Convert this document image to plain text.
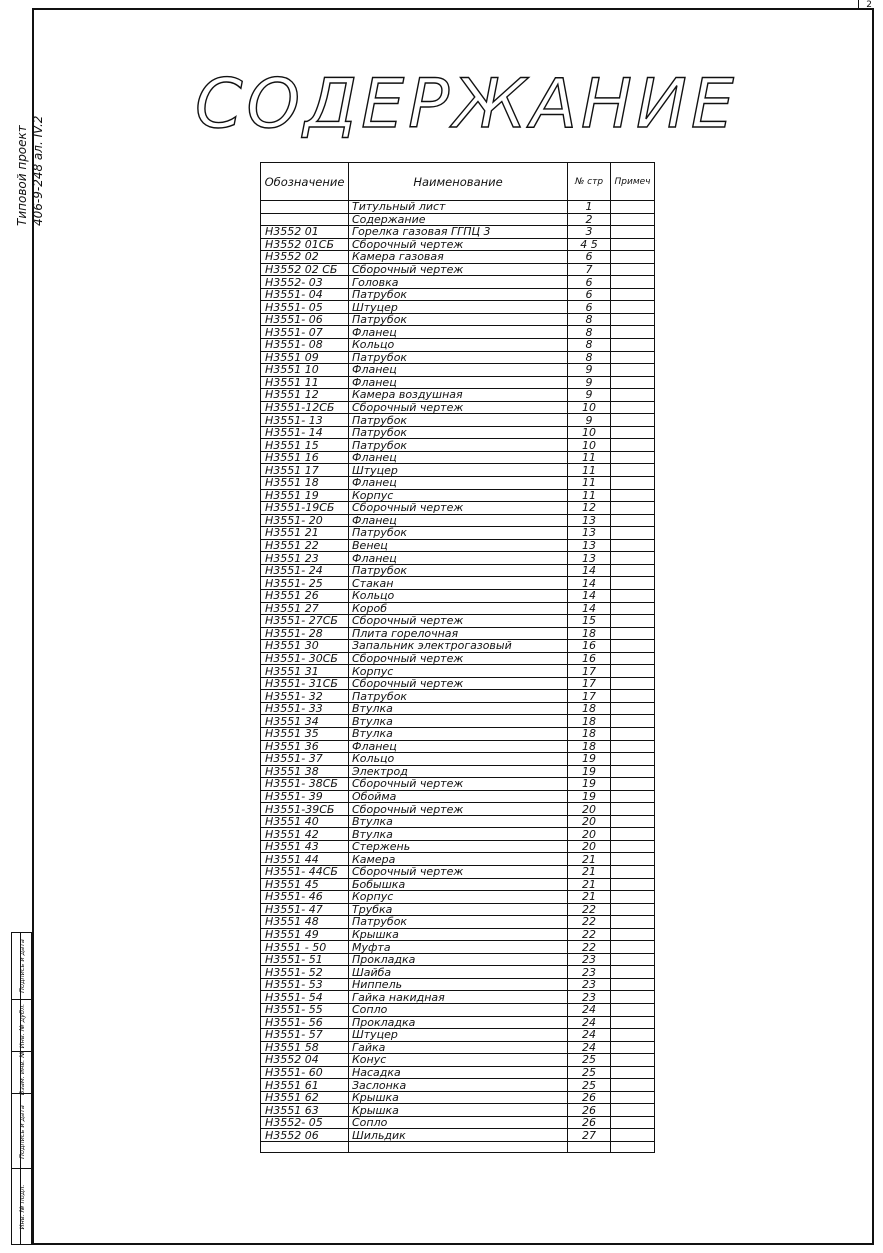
2
Типовой проект 406-9-248 ал. IV.2
Инв. № подл.
Подпись и дата
Взам. инв. №
Инв. № дубл.
Подпись и дата
СОДЕРЖАНИЕ
Обозначение	Наименование	№ стр	Примеч
	Титульный лист	1	
	Содержание	2	
Н3552 01	Горелка газовая ГГПЦ 3	3	
Н3552 01СБ	Сборочный чертеж	4 5	
Н3552 02	Камера газовая	6	
Н3552 02 СБ	Сборочный чертеж	7	
Н3552- 03	Головка	6	
Н3551- 04	Патрубок	6	
Н3551- 05	Штуцер	6	
Н3551- 06	Патрубок	8	
Н3551- 07	Фланец	8	
Н3551- 08	Кольцо	8	
Н3551 09	Патрубок	8	
Н3551 10	Фланец	9	
Н3551 11	Фланец	9	
Н3551 12	Камера воздушная	9	
Н3551-12СБ	Сборочный чертеж	10	
Н3551- 13	Патрубок	9	
Н3551- 14	Патрубок	10	
Н3551 15	Патрубок	10	
Н3551 16	Фланец	11	
Н3551 17	Штуцер	11	
Н3551 18	Фланец	11	
Н3551 19	Корпус	11	
Н3551-19СБ	Сборочный чертеж	12	
Н3551- 20	Фланец	13	
Н3551 21	Патрубок	13	
Н3551 22	Венец	13	
Н3551 23	Фланец	13	
Н3551- 24	Патрубок	14	
Н3551- 25	Стакан	14	
Н3551 26	Кольцо	14	
Н3551 27	Короб	14	
Н3551- 27СБ	Сборочный чертеж	15	
Н3551- 28	Плита горелочная	18	
Н3551 30	Запальник электрогазовый	16	
Н3551- 30СБ	Сборочный чертеж	16	
Н3551 31	Корпус	17	
Н3551- 31СБ	Сборочный чертеж	17	
Н3551- 32	Патрубок	17	
Н3551- 33	Втулка	18	
Н3551 34	Втулка	18	
Н3551 35	Втулка	18	
Н3551 36	Фланец	18	
Н3551- 37	Кольцо	19	
Н3551 38	Электрод	19	
Н3551- 38СБ	Сборочный чертеж	19	
Н3551- 39	Обойма	19	
Н3551-39СБ	Сборочный чертеж	20	
Н3551 40	Втулка	20	
Н3551 42	Втулка	20	
Н3551 43	Стержень	20	
Н3551 44	Камера	21	
Н3551- 44СБ	Сборочный чертеж	21	
Н3551 45	Бобышка	21	
Н3551- 46	Корпус	21	
Н3551- 47	Трубка	22	
Н3551 48	Патрубок	22	
Н3551 49	Крышка	22	
Н3551 - 50	Муфта	22	
Н3551- 51	Прокладка	23	
Н3551- 52	Шайба	23	
Н3551- 53	Ниппель	23	
Н3551- 54	Гайка накидная	23	
Н3551- 55	Сопло	24	
Н3551- 56	Прокладка	24	
Н3551- 57	Штуцер	24	
Н3551 58	Гайка	24	
Н3552 04	Конус	25	
Н3551- 60	Насадка	25	
Н3551 61	Заслонка	25	
Н3551 62	Крышка	26	
Н3551 63	Крышка	26	
Н3552- 05	Сопло	26	
Н3552 06	Шильдик	27	
